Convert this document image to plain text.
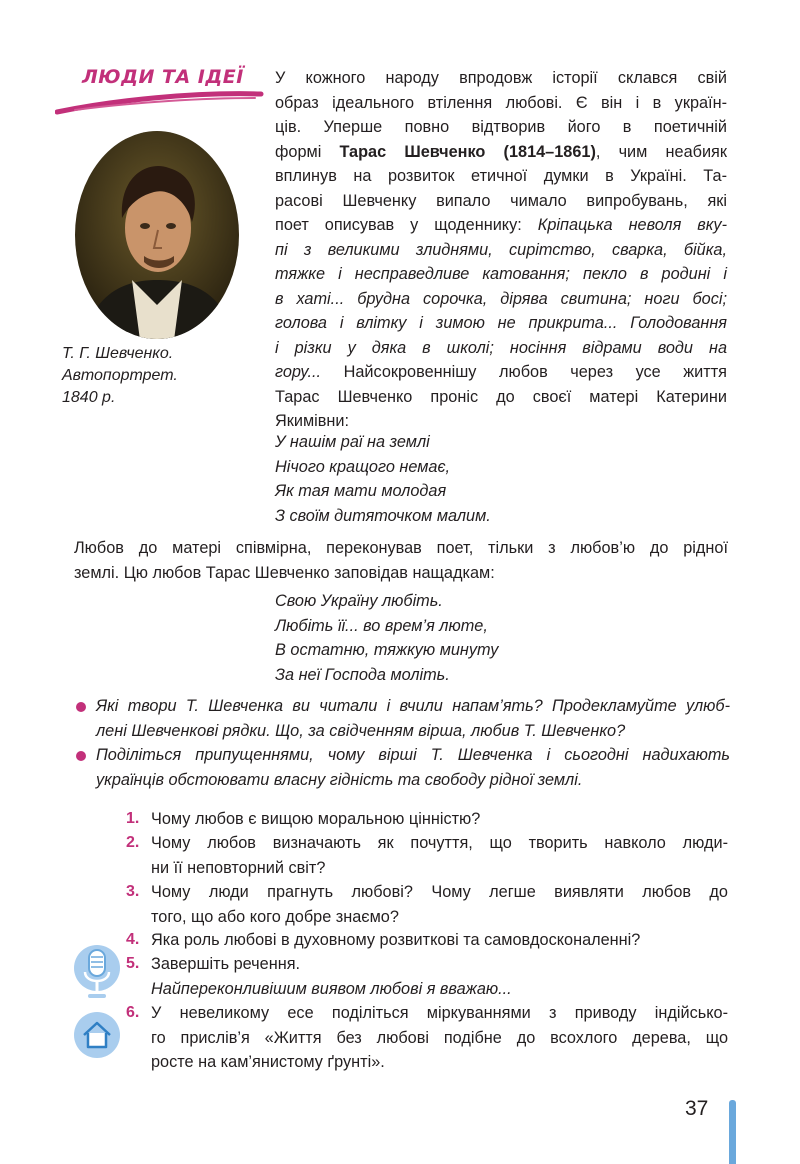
ЛЮДИ ТА ІДЕЇ
Т. Г. Шевченко.
Автопортрет.
1840 р.
У кожного народу впродовж історії склався свій
образ ідеального втілення любові. Є він і в україн-
ців. Уперше повно відтворив його в поетичній
формі Тарас Шевченко (1814–1861), чим неабияк
вплинув на розвиток етичної думки в Україні. Та-
расові Шевченку випало чимало випробувань, які
поет описував у щоденнику: Кріпацька неволя вку-
пі з великими злиднями, сирітство, сварка, бійка,
тяжке і несправедливе катовання; пекло в родині і
в хаті... брудна сорочка, дірява свитина; ноги босі;
голова і влітку і зимою не прикрита... Голодовання
і різки у дяка в школі; носіння відрами води на
гору... Найсокровеннішу любов через усе життя
Тарас Шевченко проніс до своєї матері Катерини
Якимівни:
У нашім раї на землі
Нічого кращого немає,
Як тая мати молодая
З своїм дитяточком малим.
Любов до матері співмірна, переконував поет, тільки з любов’ю до рідної
землі. Цю любов Тарас Шевченко заповідав нащадкам:
Свою Україну любіть.
Любіть її... во врем’я люте,
В остатню, тяжкую минуту
За неї Господа моліть.
Які твори Т. Шевченка ви читали і вчили напам’ять? Продекламуйте улюб-
лені Шевченкові рядки. Що, за свідченням вірша, любив Т. Шевченко?
Поділіться припущеннями, чому вірші Т. Шевченка і сьогодні надихають
українців обстоювати власну гідність та свободу рідної землі.
1. Чому любов є вищою моральною цінністю?
2. Чому любов визначають як почуття, що творить навколо люди-
ни її неповторний світ?
3. Чому люди прагнуть любові? Чому легше виявляти любов до
того, що або кого добре знаємо?
4. Яка роль любові в духовному розвиткові та самовдосконаленні?
5. Завершіть речення.
Найпереконливішим виявом любові я вважаю...
6. У невеликому есе поділіться міркуваннями з приводу індійсько-
го прислів’я «Життя без любові подібне до всохлого дерева, що
росте на кам’янистому ґрунті».
37
